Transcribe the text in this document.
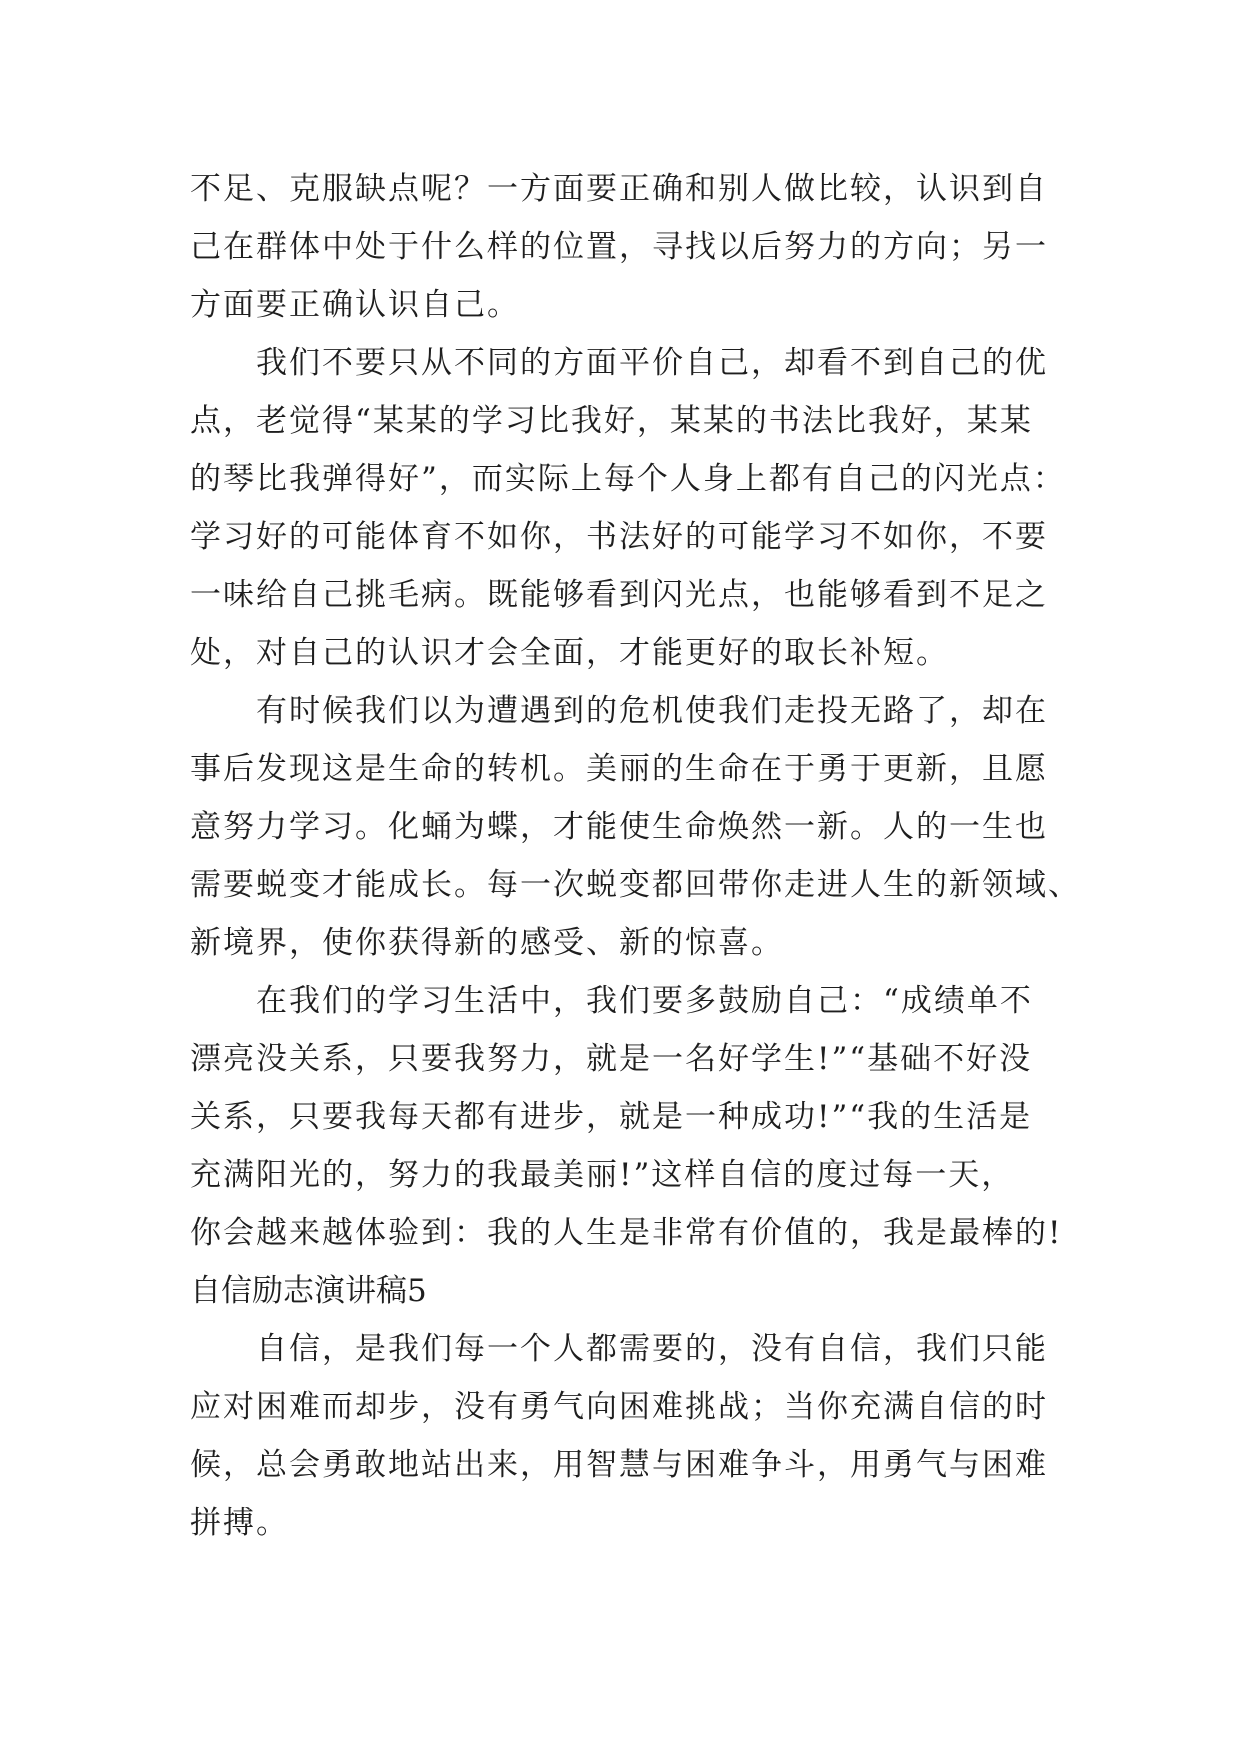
不足、克服缺点呢？一方面要正确和别人做比较，认识到自
己在群体中处于什么样的位置，寻找以后努力的方向；另一
方面要正确认识自己。
我们不要只从不同的方面平价自己，却看不到自己的优
点，老觉得“某某的学习比我好，某某的书法比我好，某某
的琴比我弹得好”，而实际上每个人身上都有自己的闪光点：
学习好的可能体育不如你，书法好的可能学习不如你，不要
一味给自己挑毛病。既能够看到闪光点，也能够看到不足之
处，对自己的认识才会全面，才能更好的取长补短。
有时候我们以为遭遇到的危机使我们走投无路了，却在
事后发现这是生命的转机。美丽的生命在于勇于更新，且愿
意努力学习。化蛹为蝶，才能使生命焕然一新。人的一生也
需要蜕变才能成长。每一次蜕变都回带你走进人生的新领域、
新境界，使你获得新的感受、新的惊喜。
在我们的学习生活中，我们要多鼓励自己：“成绩单不
漂亮没关系，只要我努力，就是一名好学生!”“基础不好没
关系，只要我每天都有进步，就是一种成功!”“我的生活是
充满阳光的，努力的我最美丽!”这样自信的度过每一天，
你会越来越体验到：我的人生是非常有价值的，我是最棒的!
自信励志演讲稿5
自信，是我们每一个人都需要的，没有自信，我们只能
应对困难而却步，没有勇气向困难挑战；当你充满自信的时
候，总会勇敢地站出来，用智慧与困难争斗，用勇气与困难
拼搏。
